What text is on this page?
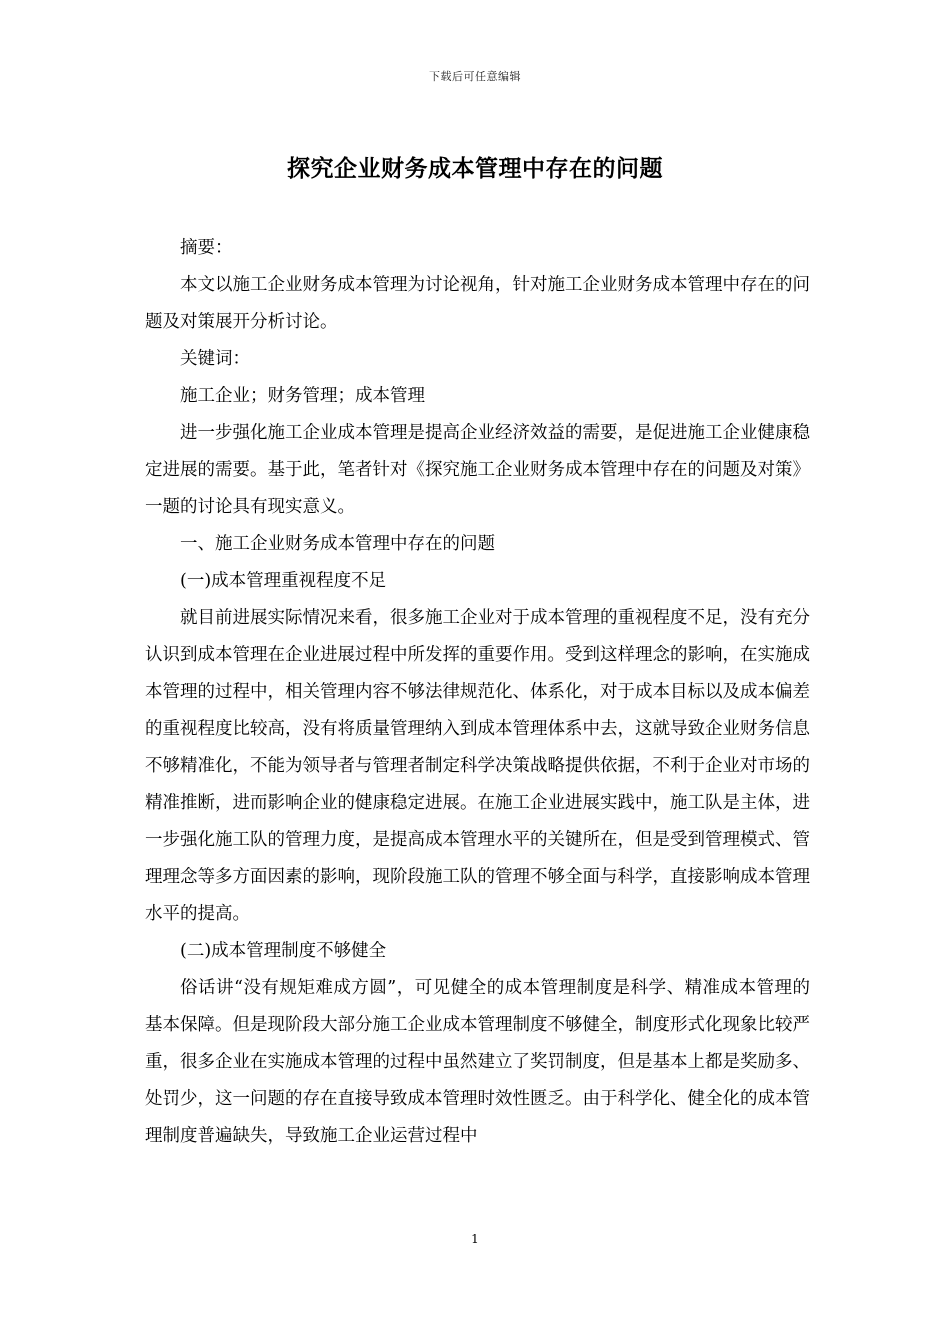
下载后可任意编辑
探究企业财务成本管理中存在的问题

摘要：

本文以施工企业财务成本管理为讨论视角，针对施工企业财务成本管理中存在的问题及对策展开分析讨论。

关键词：

施工企业；财务管理；成本管理

进一步强化施工企业成本管理是提高企业经济效益的需要，是促进施工企业健康稳定进展的需要。基于此，笔者针对《探究施工企业财务成本管理中存在的问题及对策》一题的讨论具有现实意义。

一、施工企业财务成本管理中存在的问题

(一)成本管理重视程度不足

就目前进展实际情况来看，很多施工企业对于成本管理的重视程度不足，没有充分认识到成本管理在企业进展过程中所发挥的重要作用。受到这样理念的影响，在实施成本管理的过程中，相关管理内容不够法律规范化、体系化，对于成本目标以及成本偏差的重视程度比较高，没有将质量管理纳入到成本管理体系中去，这就导致企业财务信息不够精准化，不能为领导者与管理者制定科学决策战略提供依据，不利于企业对市场的精准推断，进而影响企业的健康稳定进展。在施工企业进展实践中，施工队是主体，进一步强化施工队的管理力度，是提高成本管理水平的关键所在，但是受到管理模式、管理理念等多方面因素的影响，现阶段施工队的管理不够全面与科学，直接影响成本管理水平的提高。

(二)成本管理制度不够健全

俗话讲“没有规矩难成方圆”，可见健全的成本管理制度是科学、精准成本管理的基本保障。但是现阶段大部分施工企业成本管理制度不够健全，制度形式化现象比较严重，很多企业在实施成本管理的过程中虽然建立了奖罚制度，但是基本上都是奖励多、处罚少，这一问题的存在直接导致成本管理时效性匮乏。由于科学化、健全化的成本管理制度普遍缺失，导致施工企业运营过程中

1
